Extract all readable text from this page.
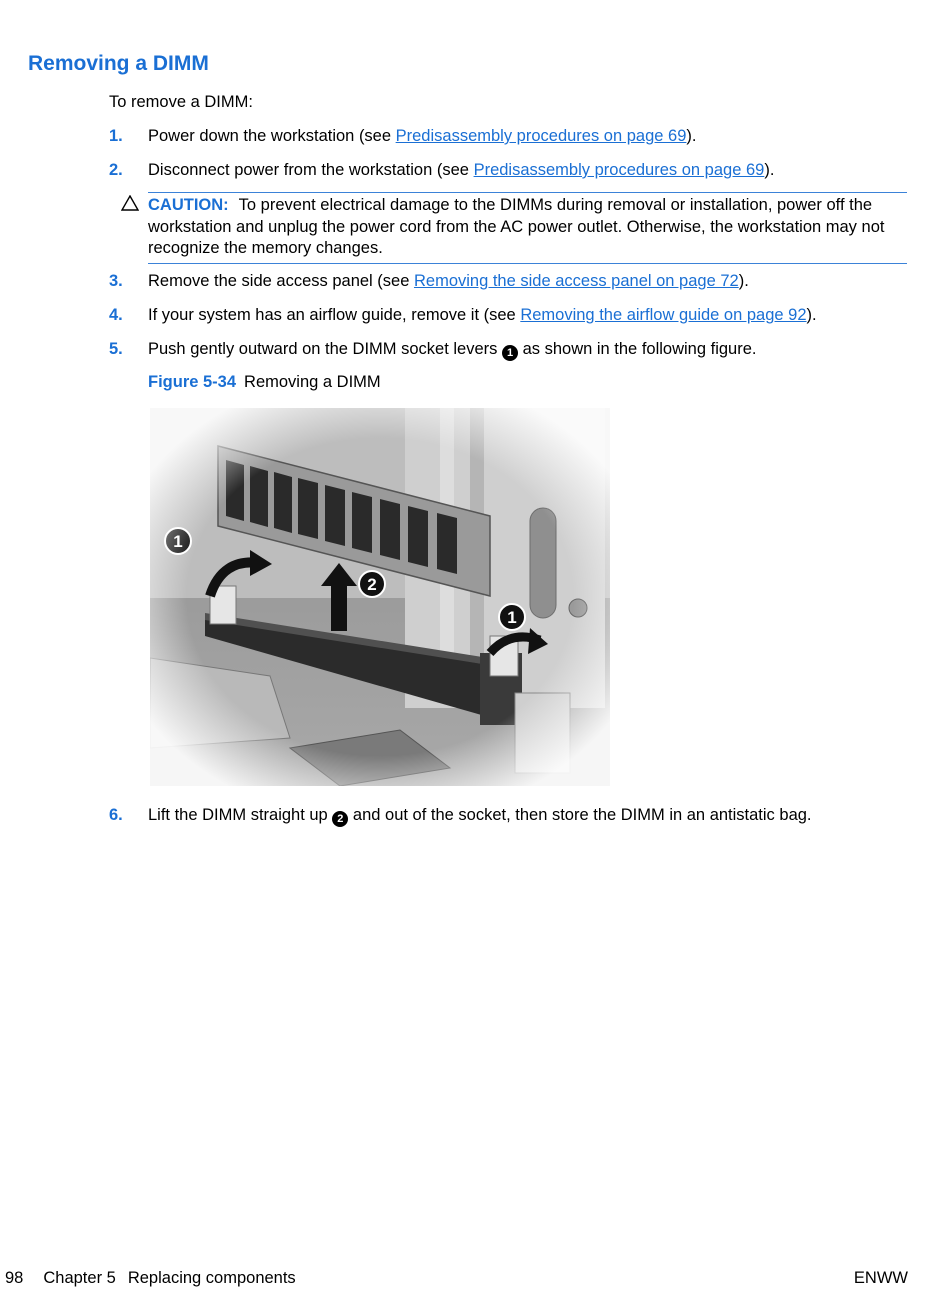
Removing a DIMM
To remove a DIMM:
1. Power down the workstation (see Predisassembly procedures on page 69).
2. Disconnect power from the workstation (see Predisassembly procedures on page 69).
CAUTION: To prevent electrical damage to the DIMMs during removal or installation, power off the workstation and unplug the power cord from the AC power outlet. Otherwise, the workstation may not recognize the memory changes.
3. Remove the side access panel (see Removing the side access panel on page 72).
4. If your system has an airflow guide, remove it (see Removing the airflow guide on page 92).
5. Push gently outward on the DIMM socket levers 1 as shown in the following figure.
Figure 5-34 Removing a DIMM
6. Lift the DIMM straight up 2 and out of the socket, then store the DIMM in an antistatic bag.
98 Chapter 5 Replacing components	ENWW
